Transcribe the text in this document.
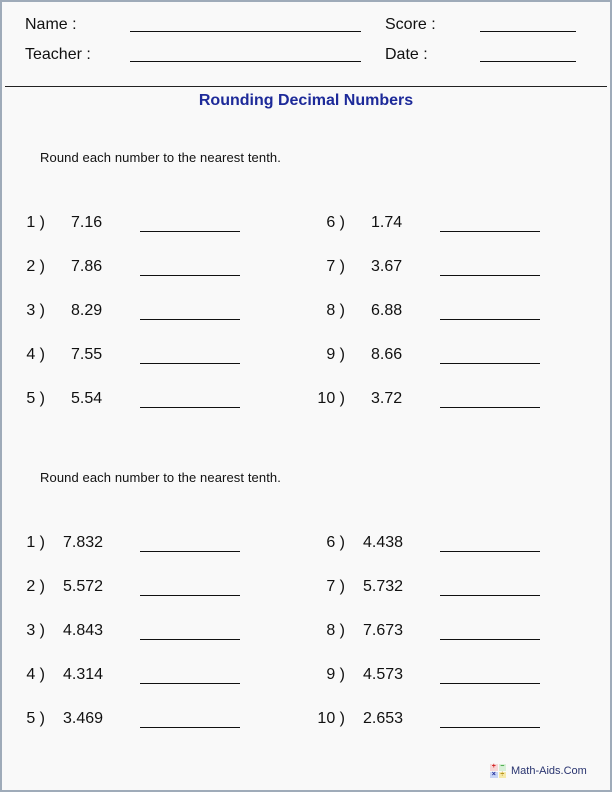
Name :
Teacher :
Score :
Date :
Rounding Decimal Numbers
Round each number to the nearest tenth.
1 ) 7.16
2 ) 7.86
3 ) 8.29
4 ) 7.55
5 ) 5.54
6 ) 1.74
7 ) 3.67
8 ) 6.88
9 ) 8.66
10 ) 3.72
Round each number to the nearest tenth.
1 ) 7.832
2 ) 5.572
3 ) 4.843
4 ) 4.314
5 ) 3.469
6 ) 4.438
7 ) 5.732
8 ) 7.673
9 ) 4.573
10 ) 2.653
+ −
× ÷ Math-Aids.Com
